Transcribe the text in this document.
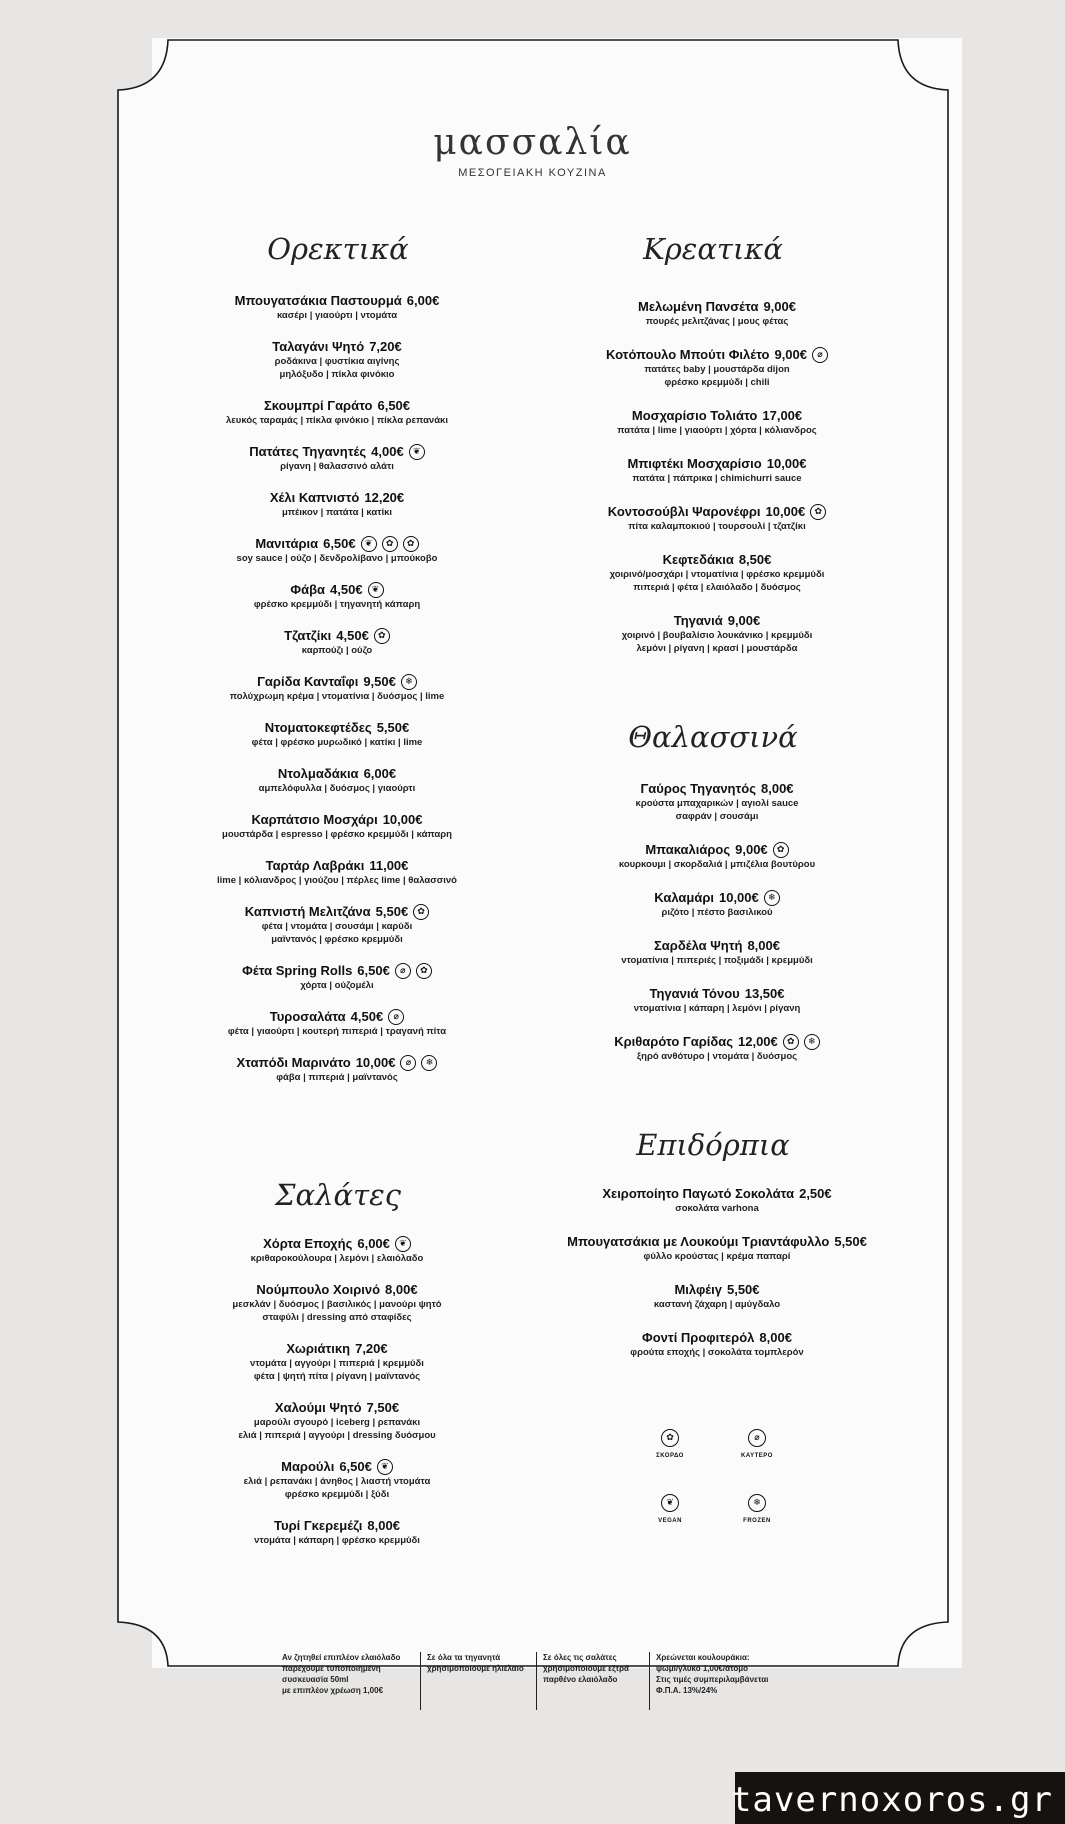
μασσαλία
ΜΕΣΟΓΕΙΑΚΗ ΚΟΥΖΙΝΑ
Ορεκτικά	Κρεατικά
Θαλασσινά
Σαλάτες
Επιδόρπια
Μπουγατσάκια Παστουρμά 6,00€
κασέρι | γιαούρτι | ντομάτα
Ταλαγάνι Ψητό 7,20€
ροδάκινα | φυστίκια αιγίνης
μηλόξυδο | πίκλα φινόκιο
Σκουμπρί Γαράτο 6,50€
λευκός ταραμάς | πίκλα φινόκιο | πίκλα ρεπανάκι
Πατάτες Τηγανητές 4,00€	❦
ρίγανη | θαλασσινό αλάτι
Χέλι Καπνιστό 12,20€
μπέικον | πατάτα | κατίκι
Μανιτάρια 6,50€	❦	✿	✿
soy sauce | ούζο | δενδρολίβανο | μπούκοβο
Φάβα 4,50€	❦
φρέσκο κρεμμύδι | τηγανητή κάπαρη
Τζατζίκι 4,50€	✿
καρπούζι | ούζο
Γαρίδα Κανταΐφι 9,50€	❄
πολύχρωμη κρέμα | ντοματίνια | δυόσμος | lime
Ντοματοκεφτέδες 5,50€
φέτα | φρέσκο μυρωδικό | κατίκι | lime
Ντολμαδάκια 6,00€
αμπελόφυλλα | δυόσμος | γιαούρτι
Καρπάτσιο Μοσχάρι 10,00€
μουστάρδα | espresso | φρέσκο κρεμμύδι | κάπαρη
Ταρτάρ Λαβράκι 11,00€
lime | κόλιανδρος | γιούζου | πέρλες lime | θαλασσινό
Καπνιστή Μελιτζάνα 5,50€	✿
φέτα | ντομάτα | σουσάμι | καρύδι
μαϊντανός | φρέσκο κρεμμύδι
Φέτα Spring Rolls 6,50€	⌀	✿
χόρτα | ούζομέλι
Τυροσαλάτα 4,50€	⌀
φέτα | γιαούρτι | κουτερή πιπεριά | τραγανή πίτα
Χταπόδι Μαρινάτο 10,00€	⌀	❄
φάβα | πιπεριά | μαϊντανός
Χόρτα Εποχής 6,00€	❦
κριθαροκούλουρα | λεμόνι | ελαιόλαδο
Νούμπουλο Χοιρινό 8,00€
μεσκλάν | δυόσμος | βασιλικός | μανούρι ψητό
σταφύλι | dressing από σταφίδες
Χωριάτικη 7,20€
ντομάτα | αγγούρι | πιπεριά | κρεμμύδι
φέτα | ψητή πίτα | ρίγανη | μαϊντανός
Χαλούμι Ψητό 7,50€
μαρούλι σγουρό | iceberg | ρεπανάκι
ελιά | πιπεριά | αγγούρι | dressing δυόσμου
Μαρούλι 6,50€	❦
ελιά | ρεπανάκι | άνηθος | λιαστή ντομάτα
φρέσκο κρεμμύδι | ξύδι
Τυρί Γκερεμέζι 8,00€
ντομάτα | κάπαρη | φρέσκο κρεμμύδι
Μελωμένη Πανσέτα 9,00€
πουρές μελιτζάνας | μους φέτας
Κοτόπουλο Μπούτι Φιλέτο 9,00€	⌀
πατάτες baby | μουστάρδα dijon
φρέσκο κρεμμύδι | chili
Μοσχαρίσιο Τολιάτο 17,00€
πατάτα | lime | γιαούρτι | χόρτα | κόλιανδρος
Μπιφτέκι Μοσχαρίσιο 10,00€
πατάτα | πάπρικα | chimichurri sauce
Κοντοσούβλι Ψαρονέφρι 10,00€	✿
πίτα καλαμποκιού | τουρσουλί | τζατζίκι
Κεφτεδάκια 8,50€
χοιρινό/μοσχάρι | ντοματίνια | φρέσκο κρεμμύδι
πιπεριά | φέτα | ελαιόλαδο | δυόσμος
Τηγανιά 9,00€
χοιρινό | βουβαλίσιο λουκάνικο | κρεμμύδι
λεμόνι | ρίγανη | κρασί | μουστάρδα
Γαύρος Τηγανητός 8,00€
κρούστα μπαχαρικών | αγιολί sauce
σαφράν | σουσάμι
Μπακαλιάρος 9,00€	✿
κουρκουμι | σκορδαλιά | μπιζέλια βουτύρου
Καλαμάρι 10,00€	❄
ριζότο | πέστο βασιλικού
Σαρδέλα Ψητή 8,00€
ντοματίνια | πιπεριές | ποξιμάδι | κρεμμύδι
Τηγανιά Τόνου 13,50€
ντοματίνια | κάπαρη | λεμόνι | ρίγανη
Κριθαρότο Γαρίδας 12,00€	✿	❄
ξηρό ανθότυρο | ντομάτα | δυόσμος
Χειροποίητο Παγωτό Σοκολάτα 2,50€
σοκολάτα varhona
Μπουγατσάκια με Λουκούμι Τριαντάφυλλο 5,50€
φύλλο κρούστας | κρέμα παπαρί
Μιλφέιγ 5,50€
καστανή ζάχαρη | αμύγδαλο
Φοντί Προφιτερόλ 8,00€
φρούτα εποχής | σοκολάτα τομπλερόν
✿
ΣΚΟΡΔΟ
⌀
ΚΑΥΤΕΡΟ
❦
VEGAN
❄
FROZEN
Αν ζητηθεί επιπλέον ελαιόλαδο
παρέχουμε τυποποιημένη
συσκευασία 50ml
με επιπλέον χρέωση 1,00€
Σε όλα τα τηγανητά
χρησιμοποιούμε ηλιέλαιο
Σε όλες τις σαλάτες
χρησιμοποιούμε εξτρά
παρθένο ελαιόλαδο
Χρεώνεται κουλουράκια:
ψωμί/γλυκό 1,00€/άτομο
Στις τιμές συμπεριλαμβάνεται
Φ.Π.Α. 13%/24%
tavernoxoros.gr
